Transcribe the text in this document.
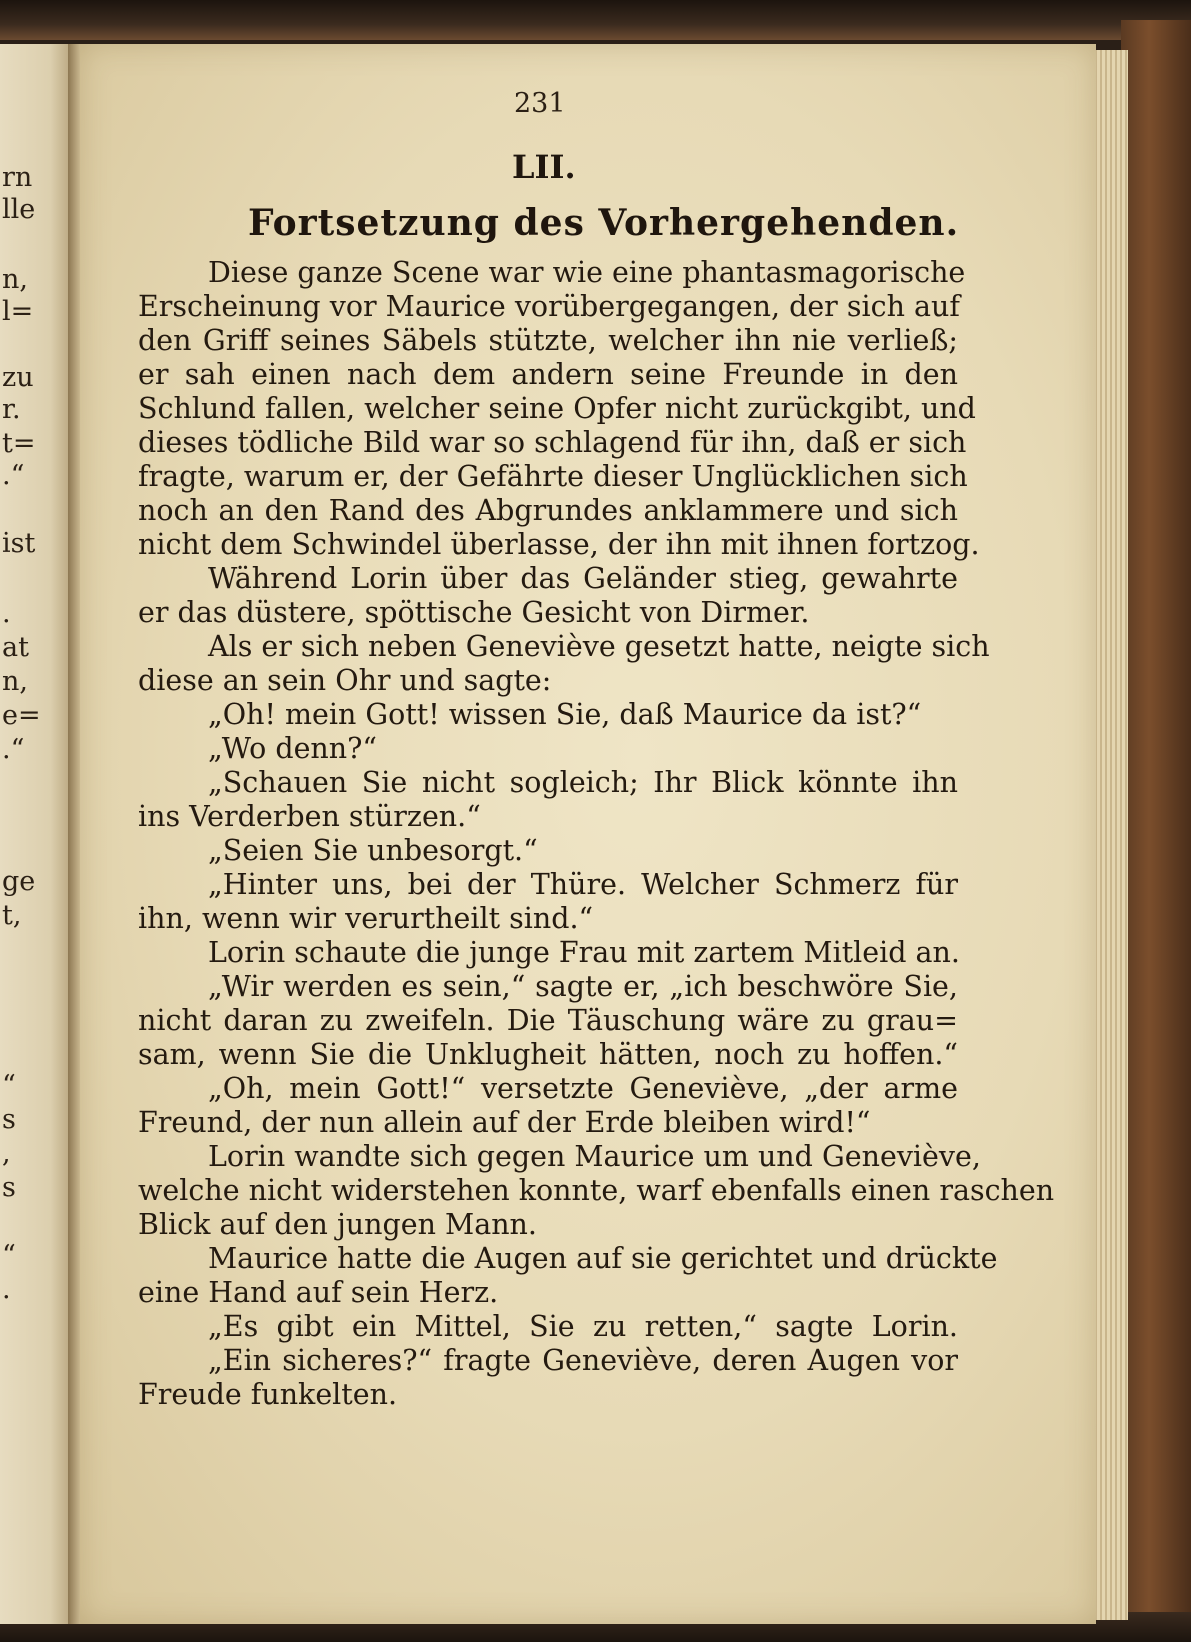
rn
lle
n,
l=
zu
r.
t=
.“
ist
.
at
n,
e=
.“
ge
t,
“
s
,
s
“
.
231
LII.
Fortsetzung des Vorhergehenden.
Diese ganze Scene war wie eine phantasmagorische
Erscheinung vor Maurice vorübergegangen, der sich auf
den Griff seines Säbels stützte, welcher ihn nie verließ;
er sah einen nach dem andern seine Freunde in den
Schlund fallen, welcher seine Opfer nicht zurückgibt, und
dieses tödliche Bild war so schlagend für ihn, daß er sich
fragte, warum er, der Gefährte dieser Unglücklichen sich
noch an den Rand des Abgrundes anklammere und sich
nicht dem Schwindel überlasse, der ihn mit ihnen fortzog.
Während Lorin über das Geländer stieg, gewahrte
er das düstere, spöttische Gesicht von Dirmer.
Als er sich neben Geneviève gesetzt hatte, neigte sich
diese an sein Ohr und sagte:
„Oh! mein Gott! wissen Sie, daß Maurice da ist?“
„Wo denn?“
„Schauen Sie nicht sogleich; Ihr Blick könnte ihn
ins Verderben stürzen.“
„Seien Sie unbesorgt.“
„Hinter uns, bei der Thüre. Welcher Schmerz für
ihn, wenn wir verurtheilt sind.“
Lorin schaute die junge Frau mit zartem Mitleid an.
„Wir werden es sein,“ sagte er, „ich beschwöre Sie,
nicht daran zu zweifeln. Die Täuschung wäre zu grau=
sam, wenn Sie die Unklugheit hätten, noch zu hoffen.“
„Oh, mein Gott!“ versetzte Geneviève, „der arme
Freund, der nun allein auf der Erde bleiben wird!“
Lorin wandte sich gegen Maurice um und Geneviève,
welche nicht widerstehen konnte, warf ebenfalls einen raschen
Blick auf den jungen Mann.
Maurice hatte die Augen auf sie gerichtet und drückte
eine Hand auf sein Herz.
„Es gibt ein Mittel, Sie zu retten,“ sagte Lorin.
„Ein sicheres?“ fragte Geneviève, deren Augen vor
Freude funkelten.
